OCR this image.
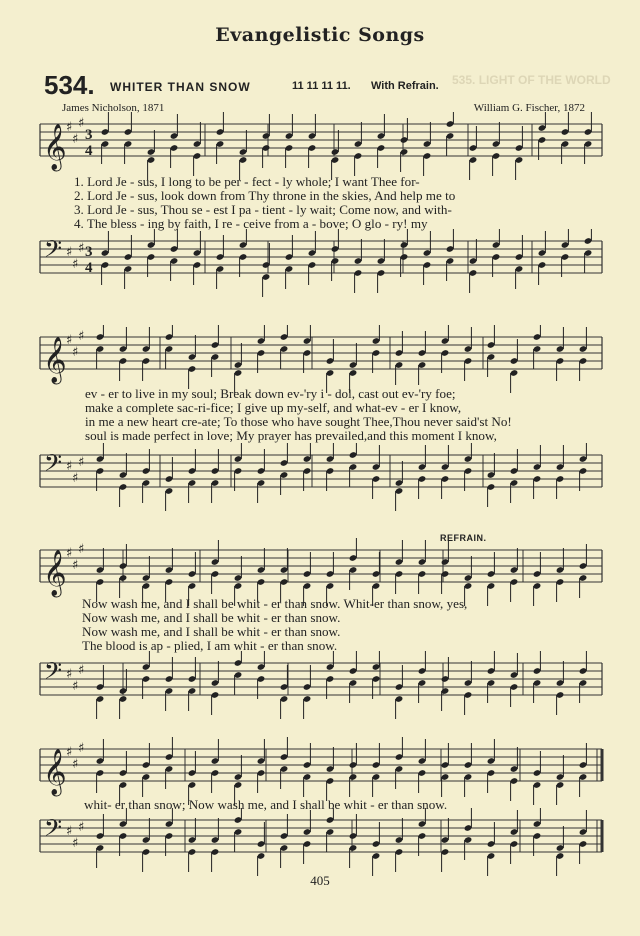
Evangelistic Songs
535. LIGHT OF THE WORLD
534. WHITER THAN SNOW	11 11 11 11. With Refrain.
James Nicholson, 1871	William G. Fischer, 1872
𝄞 ♯
♯
♯
3
4
𝄢 ♯
♯
♯ 3
4
𝄞 ♯
♯
♯
𝄢 ♯
♯
♯
𝄞 ♯
♯
♯
𝄢 ♯
♯
♯
𝄞 ♯
♯
♯
𝄢 ♯
♯
♯
1. Lord Je - sus, I long to be per - fect - ly whole; I want Thee for-
2. Lord Je - sus, look down from Thy throne in the skies, And help me to
3. Lord Je - sus, Thou se - est I pa - tient - ly wait; Come now, and with-
4. The bless - ing by faith, I re - ceive from a - bove; O glo - ry! my
ev - er to live in my soul; Break down ev-'ry i - dol, cast out ev-'ry foe;
make a complete sac-ri-fice; I give up my-self, and what-ev - er I know,
in me a new heart cre-ate; To those who have sought Thee,Thou never said'st No!
soul is made perfect in love; My prayer has prevailed,and this moment I know,
REFRAIN.
Now wash me, and I shall be whit - er than snow. Whit-er than snow, yes,
Now wash me, and I shall be whit - er than snow.
Now wash me, and I shall be whit - er than snow.
The blood is ap - plied, I am whit - er than snow.
whit- er than snow; Now wash me, and I shall be whit - er than snow.
405
